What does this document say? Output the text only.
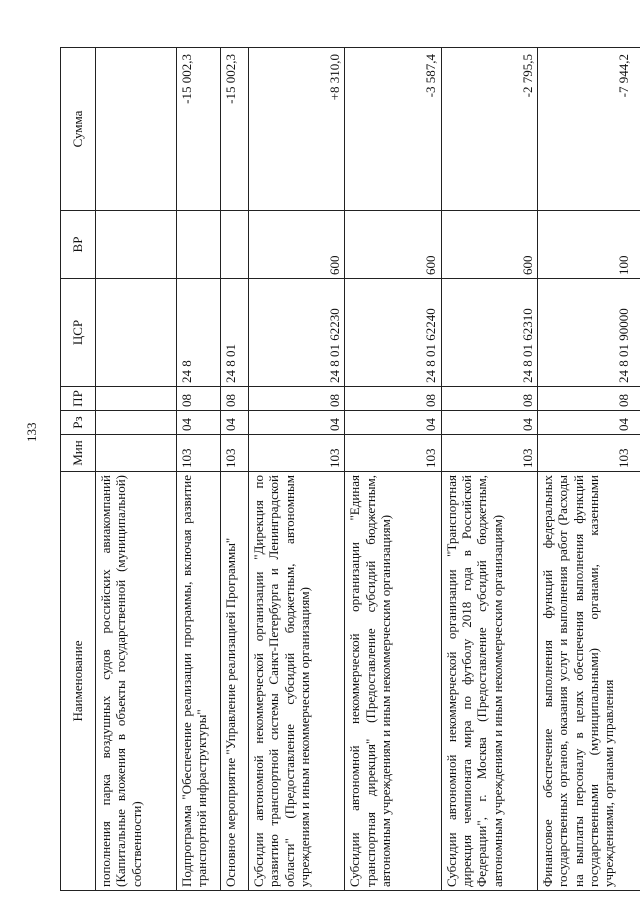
133
Наименование	Мин	Рз	ПР	ЦСР	ВР	Сумма
пополнения парка воздушных судов российских авиакомпаний (Капитальные вложения в объекты государственной (муниципальной) собственности)						
Подпрограмма "Обеспечение реализации программы, включая развитие транспортной инфраструктуры"	103	04	08	24 8		-15 002,3
Основное мероприятие "Управление реализацией Программы"	103	04	08	24 8 01		-15 002,3
Субсидии автономной некоммерческой организации "Дирекция по развитию транспортной системы Санкт-Петербурга и Ленинградской области" (Предоставление субсидий бюджетным, автономным учреждениям и иным некоммерческим организациям)	103	04	08	24 8 01 62230	600	+8 310,0
Субсидии автономной некоммерческой организации "Единая транспортная дирекция" (Предоставление субсидий бюджетным, автономным учреждениям и иным некоммерческим организациям)	103	04	08	24 8 01 62240	600	-3 587,4
Субсидии автономной некоммерческой организации "Транспортная дирекция чемпионата мира по футболу 2018 года в Российской Федерации", г. Москва (Предоставление субсидий бюджетным, автономным учреждениям и иным некоммерческим организациям)	103	04	08	24 8 01 62310	600	-2 795,5
Финансовое обеспечение выполнения функций федеральных государственных органов, оказания услуг и выполнения работ (Расходы на выплаты персоналу в целях обеспечения выполнения функций государственными (муниципальными) органами, казенными учреждениями, органами управления	103	04	08	24 8 01 90000	100	-7 944,2
